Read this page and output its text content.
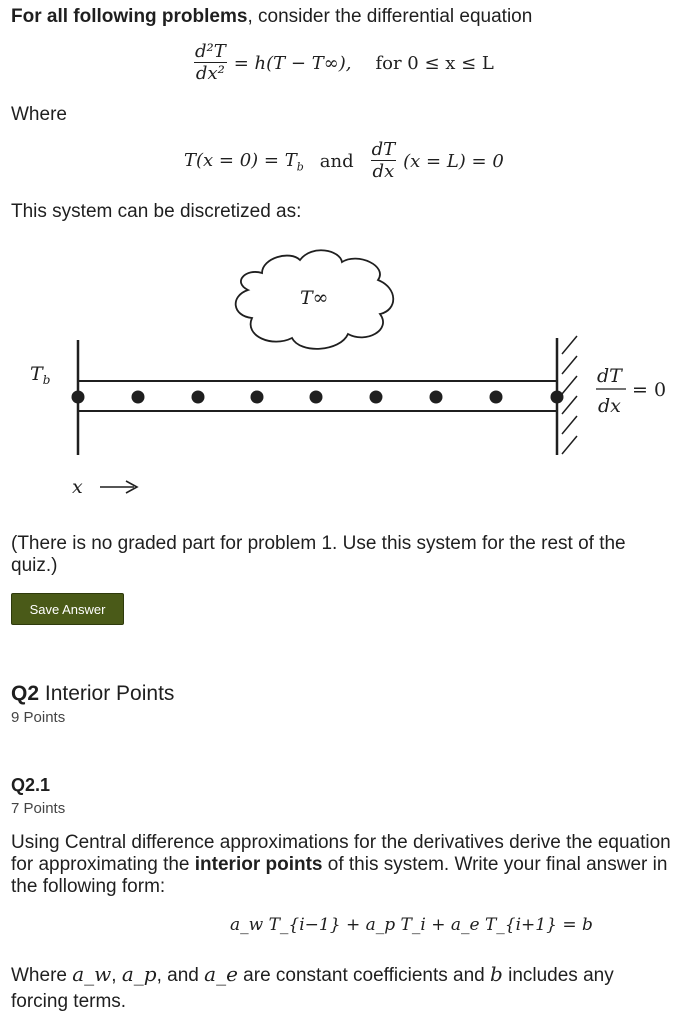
For all following problems, consider the differential equation
$\frac{\text{d²T}}{\text{dx²}} = h(T - T\infty)$, for 0 ≤ x ≤ L
Where
$T(x = 0) = T_b$ and $\frac{dT}{dx} (x = L) = 0$
This system can be discretized as:
T∞
$T_b$	dT
dx
= 0
x
(There is no graded part for problem 1. Use this system for the rest of the quiz.)
Save Answer
Q2 Interior Points
9 Points
Q2.1
7 Points
Using Central difference approximations for the derivatives derive the equation for approximating the interior points of this system. Write your final answer in the following form:
a_w T_{i−1} + a_p T_i + a_e T_{i+1} = b
Where a_w, a_p, and a_e are constant coefficients and b includes any forcing terms.
